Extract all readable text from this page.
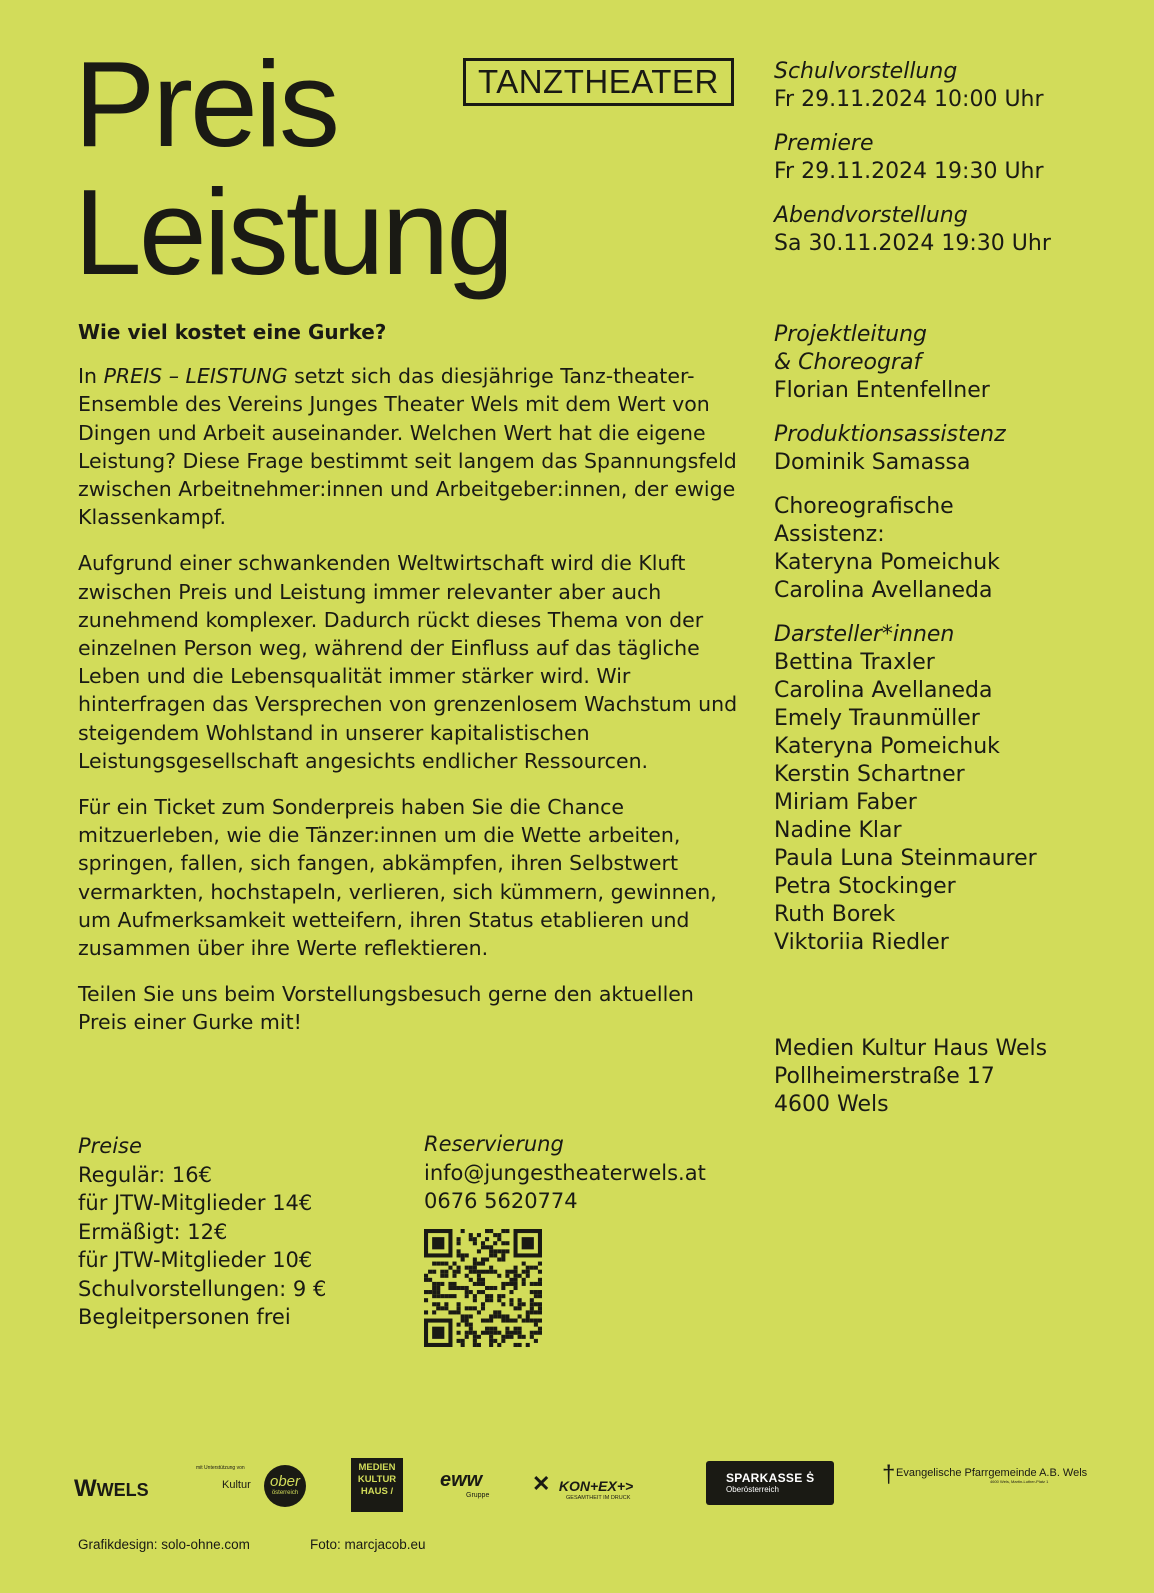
Preis
Leistung
TANZTHEATER	Schulvorstellung
Fr 29.11.2024 10:00 Uhr
Premiere
Fr 29.11.2024 19:30 Uhr
Abendvorstellung
Sa 30.11.2024 19:30 Uhr

Wie viel kostet eine Gurke?

In PREIS – LEISTUNG setzt sich das diesjährige Tanz-theater-Ensemble des Vereins Junges Theater Wels mit dem Wert von Dingen und Arbeit auseinander. Welchen Wert hat die eigene Leistung? Diese Frage bestimmt seit langem das Spannungsfeld zwischen Arbeitnehmer:innen und Arbeitgeber:innen, der ewige Klassenkampf.

Aufgrund einer schwankenden Weltwirtschaft wird die Kluft zwischen Preis und Leistung immer relevanter aber auch zunehmend komplexer. Dadurch rückt dieses Thema von der einzelnen Person weg, während der Einfluss auf das tägliche Leben und die Lebensqualität immer stärker wird. Wir hinterfragen das Versprechen von grenzenlosem Wachstum und steigendem Wohlstand in unserer kapitalistischen Leistungsgesellschaft angesichts endlicher Ressourcen.

Für ein Ticket zum Sonderpreis haben Sie die Chance mitzuerleben, wie die Tänzer:innen um die Wette arbeiten, springen, fallen, sich fangen, abkämpfen, ihren Selbstwert vermarkten, hochstapeln, verlieren, sich kümmern, gewinnen, um Aufmerksamkeit wetteifern, ihren Status etablieren und zusammen über ihre Werte reflektieren.

Teilen Sie uns beim Vorstellungsbesuch gerne den aktuellen Preis einer Gurke mit!

Projektleitung
& Choreograf
Florian Entenfellner
Produktionsassistenz
Dominik Samassa
Choreografische
Assistenz:
Kateryna Pomeichuk
Carolina Avellaneda
Darsteller*innen
Bettina Traxler
Carolina Avellaneda
Emely Traunmüller
Kateryna Pomeichuk
Kerstin Schartner
Miriam Faber
Nadine Klar
Paula Luna Steinmaurer
Petra Stockinger
Ruth Borek
Viktoriia Riedler
Medien Kultur Haus Wels
Pollheimerstraße 17
4600 Wels
Preise
Regulär: 16€
für JTW-Mitglieder 14€
Ermäßigt: 12€
für JTW-Mitglieder 10€
Schulvorstellungen: 9 €
Begleitpersonen frei
Reservierung
info@jungestheaterwels.at
0676 5620774
WWELS
mit Unterstützung von
Kultur	ober
österreich
MEDIEN
KULTUR
HAUS /
eww
Gruppe ✕ KON+EX+>
GESAMTHEIT IM DRUCK
SPARKASSE Ṡ
Oberösterreich
† Evangelische Pfarrgemeinde A.B. Wels
4600 Wels, Martin-Luther-Platz 1
Grafikdesign: solo-ohne.com	Foto: marcjacob.eu
